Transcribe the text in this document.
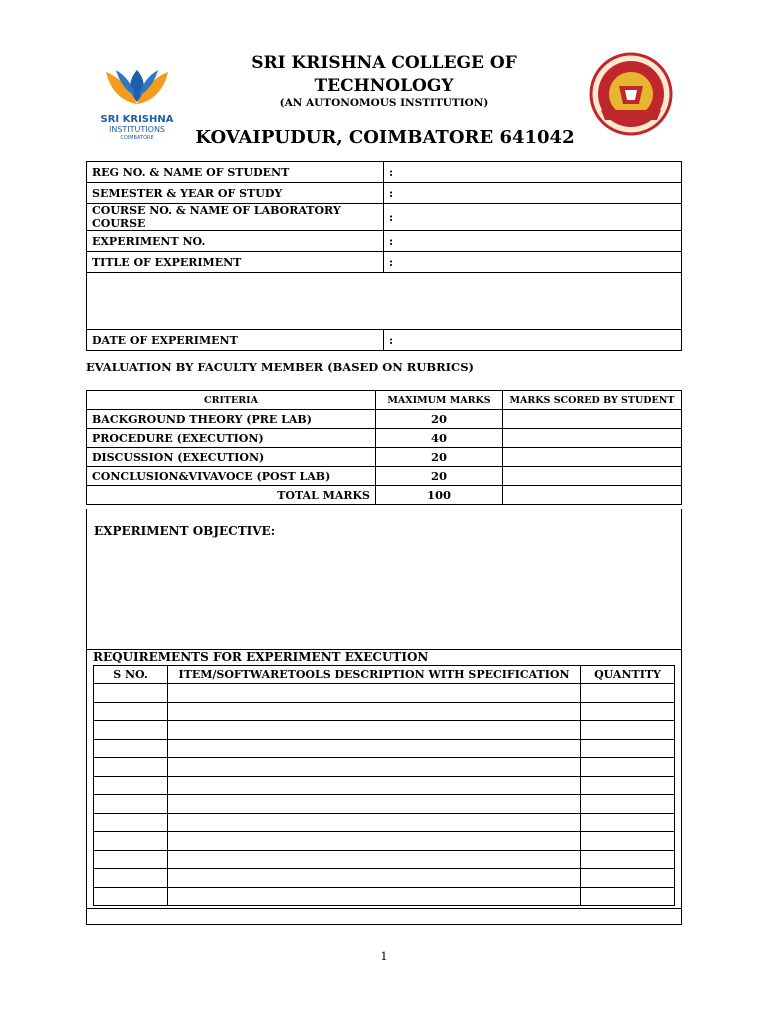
SRI KRISHNA
INSTITUTIONS
COIMBATORE
SRI KRISHNA COLLEGE OF
TECHNOLOGY
(AN AUTONOMOUS INSTITUTION)
KOVAIPUDUR, COIMBATORE 641042
REG NO. & NAME OF STUDENT	:
SEMESTER & YEAR OF STUDY	:
COURSE NO. & NAME OF LABORATORY COURSE	:
EXPERIMENT NO.	:
TITLE OF EXPERIMENT	:

DATE OF EXPERIMENT	:
EVALUATION BY FACULTY MEMBER (BASED ON RUBRICS)
CRITERIA	MAXIMUM MARKS	MARKS SCORED BY STUDENT
BACKGROUND THEORY (PRE LAB)	20	
PROCEDURE (EXECUTION)	40	
DISCUSSION (EXECUTION)	20	
CONCLUSION&VIVAVOCE (POST LAB)	20	
TOTAL MARKS	100	
EXPERIMENT OBJECTIVE:
REQUIREMENTS FOR EXPERIMENT EXECUTION
S NO.	ITEM/SOFTWARETOOLS DESCRIPTION WITH SPECIFICATION	QUANTITY

1
